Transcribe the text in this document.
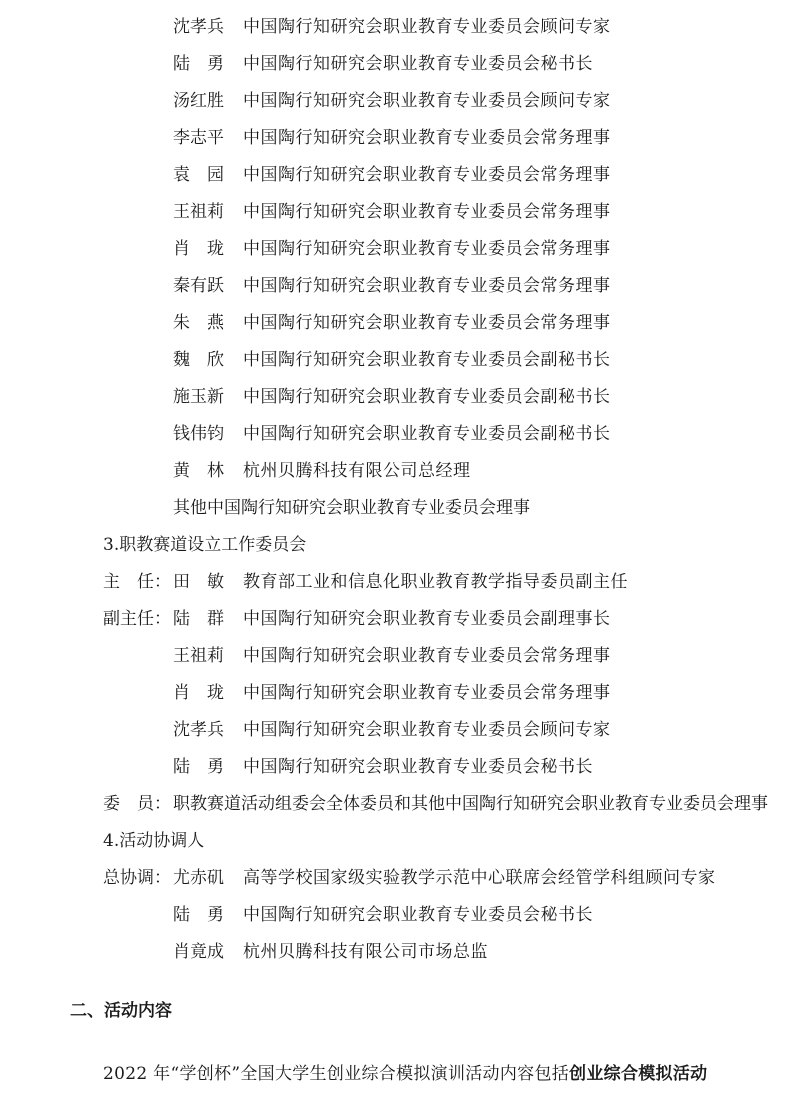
沈孝兵 中国陶行知研究会职业教育专业委员会顾问专家
陆　勇 中国陶行知研究会职业教育专业委员会秘书长
汤红胜 中国陶行知研究会职业教育专业委员会顾问专家
李志平 中国陶行知研究会职业教育专业委员会常务理事
袁　园 中国陶行知研究会职业教育专业委员会常务理事
王祖莉 中国陶行知研究会职业教育专业委员会常务理事
肖　珑 中国陶行知研究会职业教育专业委员会常务理事
秦有跃 中国陶行知研究会职业教育专业委员会常务理事
朱　燕 中国陶行知研究会职业教育专业委员会常务理事
魏　欣 中国陶行知研究会职业教育专业委员会副秘书长
施玉新 中国陶行知研究会职业教育专业委员会副秘书长
钱伟钧 中国陶行知研究会职业教育专业委员会副秘书长
黄　林 杭州贝腾科技有限公司总经理
其他中国陶行知研究会职业教育专业委员会理事
3.职教赛道设立工作委员会
主　任： 田　敏 教育部工业和信息化职业教育教学指导委员副主任
副主任： 陆　群 中国陶行知研究会职业教育专业委员会副理事长
王祖莉 中国陶行知研究会职业教育专业委员会常务理事
肖　珑 中国陶行知研究会职业教育专业委员会常务理事
沈孝兵 中国陶行知研究会职业教育专业委员会顾问专家
陆　勇 中国陶行知研究会职业教育专业委员会秘书长
委　员： 职教赛道活动组委会全体委员和其他中国陶行知研究会职业教育专业委员会理事
4.活动协调人
总协调： 尤赤矶 高等学校国家级实验教学示范中心联席会经管学科组顾问专家
陆　勇 中国陶行知研究会职业教育专业委员会秘书长
肖竟成 杭州贝腾科技有限公司市场总监
二、活动内容
2022 年“学创杯”全国大学生创业综合模拟演训活动内容包括创业综合模拟活动
